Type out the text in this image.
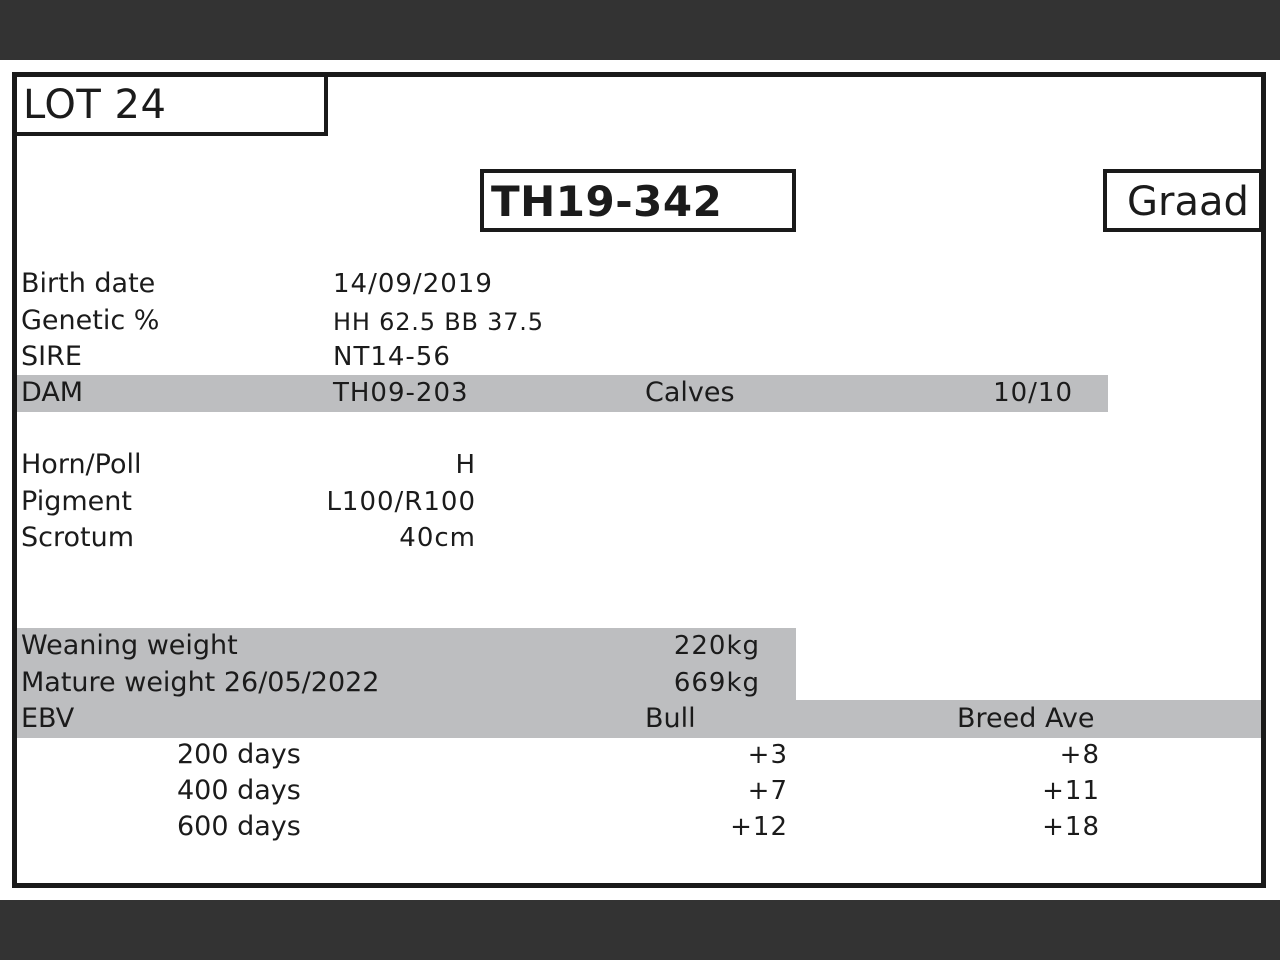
LOT 24
TH19-342	Graad
Birth date	14/09/2019
Genetic %	HH 62.5 BB 37.5
SIRE	NT14-56
DAM	TH09-203	Calves	10/10
Horn/Poll	H
Pigment	L100/R100
Scrotum	40cm
Weaning weight	220kg
Mature weight 26/05/2022	669kg
EBV	Bull	Breed Ave
200 days	+3	+8
400 days	+7	+11
600 days	+12	+18
